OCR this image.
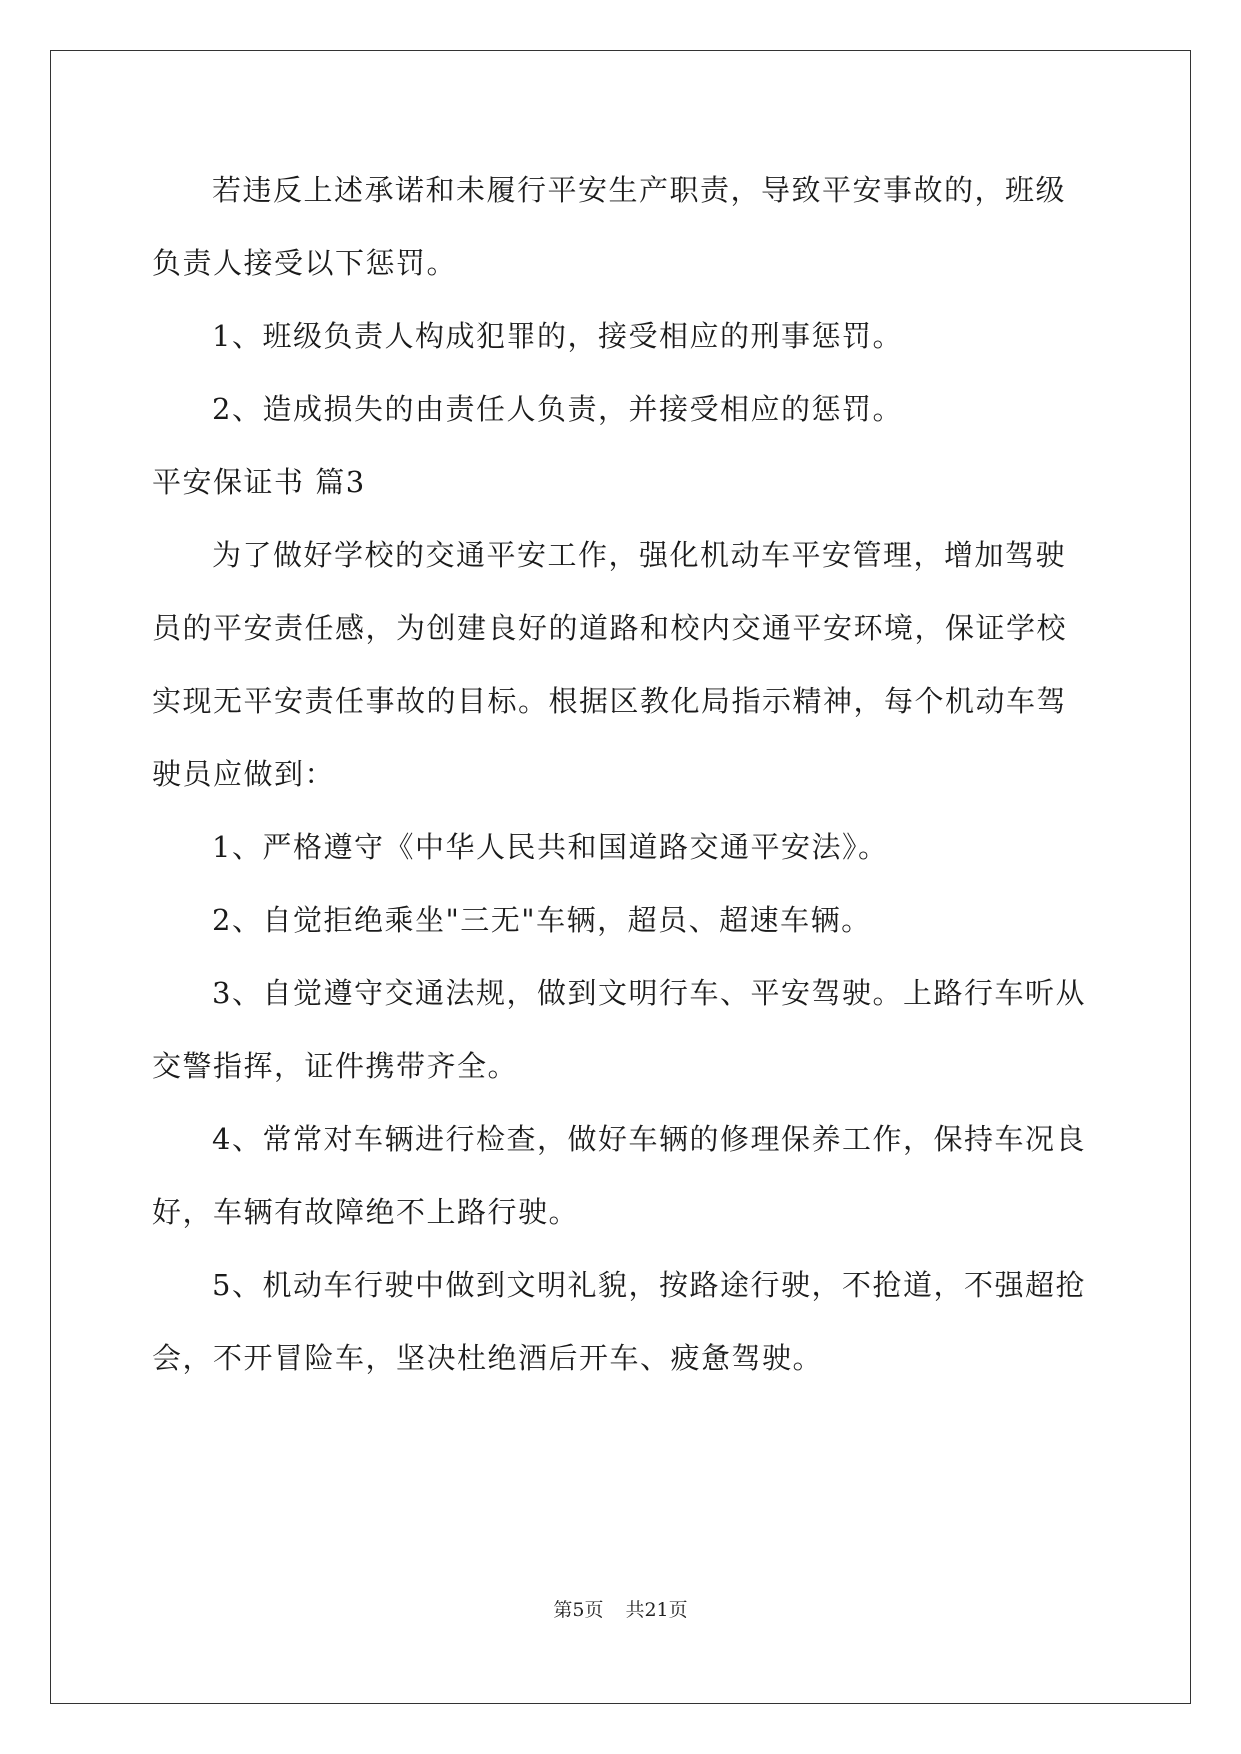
若违反上述承诺和未履行平安生产职责，导致平安事故的，班级
负责人接受以下惩罚。
1、班级负责人构成犯罪的，接受相应的刑事惩罚。
2、造成损失的由责任人负责，并接受相应的惩罚。
平安保证书 篇3
为了做好学校的交通平安工作，强化机动车平安管理，增加驾驶
员的平安责任感，为创建良好的道路和校内交通平安环境，保证学校
实现无平安责任事故的目标。根据区教化局指示精神，每个机动车驾
驶员应做到：
1、严格遵守《中华人民共和国道路交通平安法》。
2、自觉拒绝乘坐"三无"车辆，超员、超速车辆。
3、自觉遵守交通法规，做到文明行车、平安驾驶。上路行车听从
交警指挥，证件携带齐全。
4、常常对车辆进行检查，做好车辆的修理保养工作，保持车况良
好，车辆有故障绝不上路行驶。
5、机动车行驶中做到文明礼貌，按路途行驶，不抢道，不强超抢
会，不开冒险车，坚决杜绝酒后开车、疲惫驾驶。
第5页 共21页
